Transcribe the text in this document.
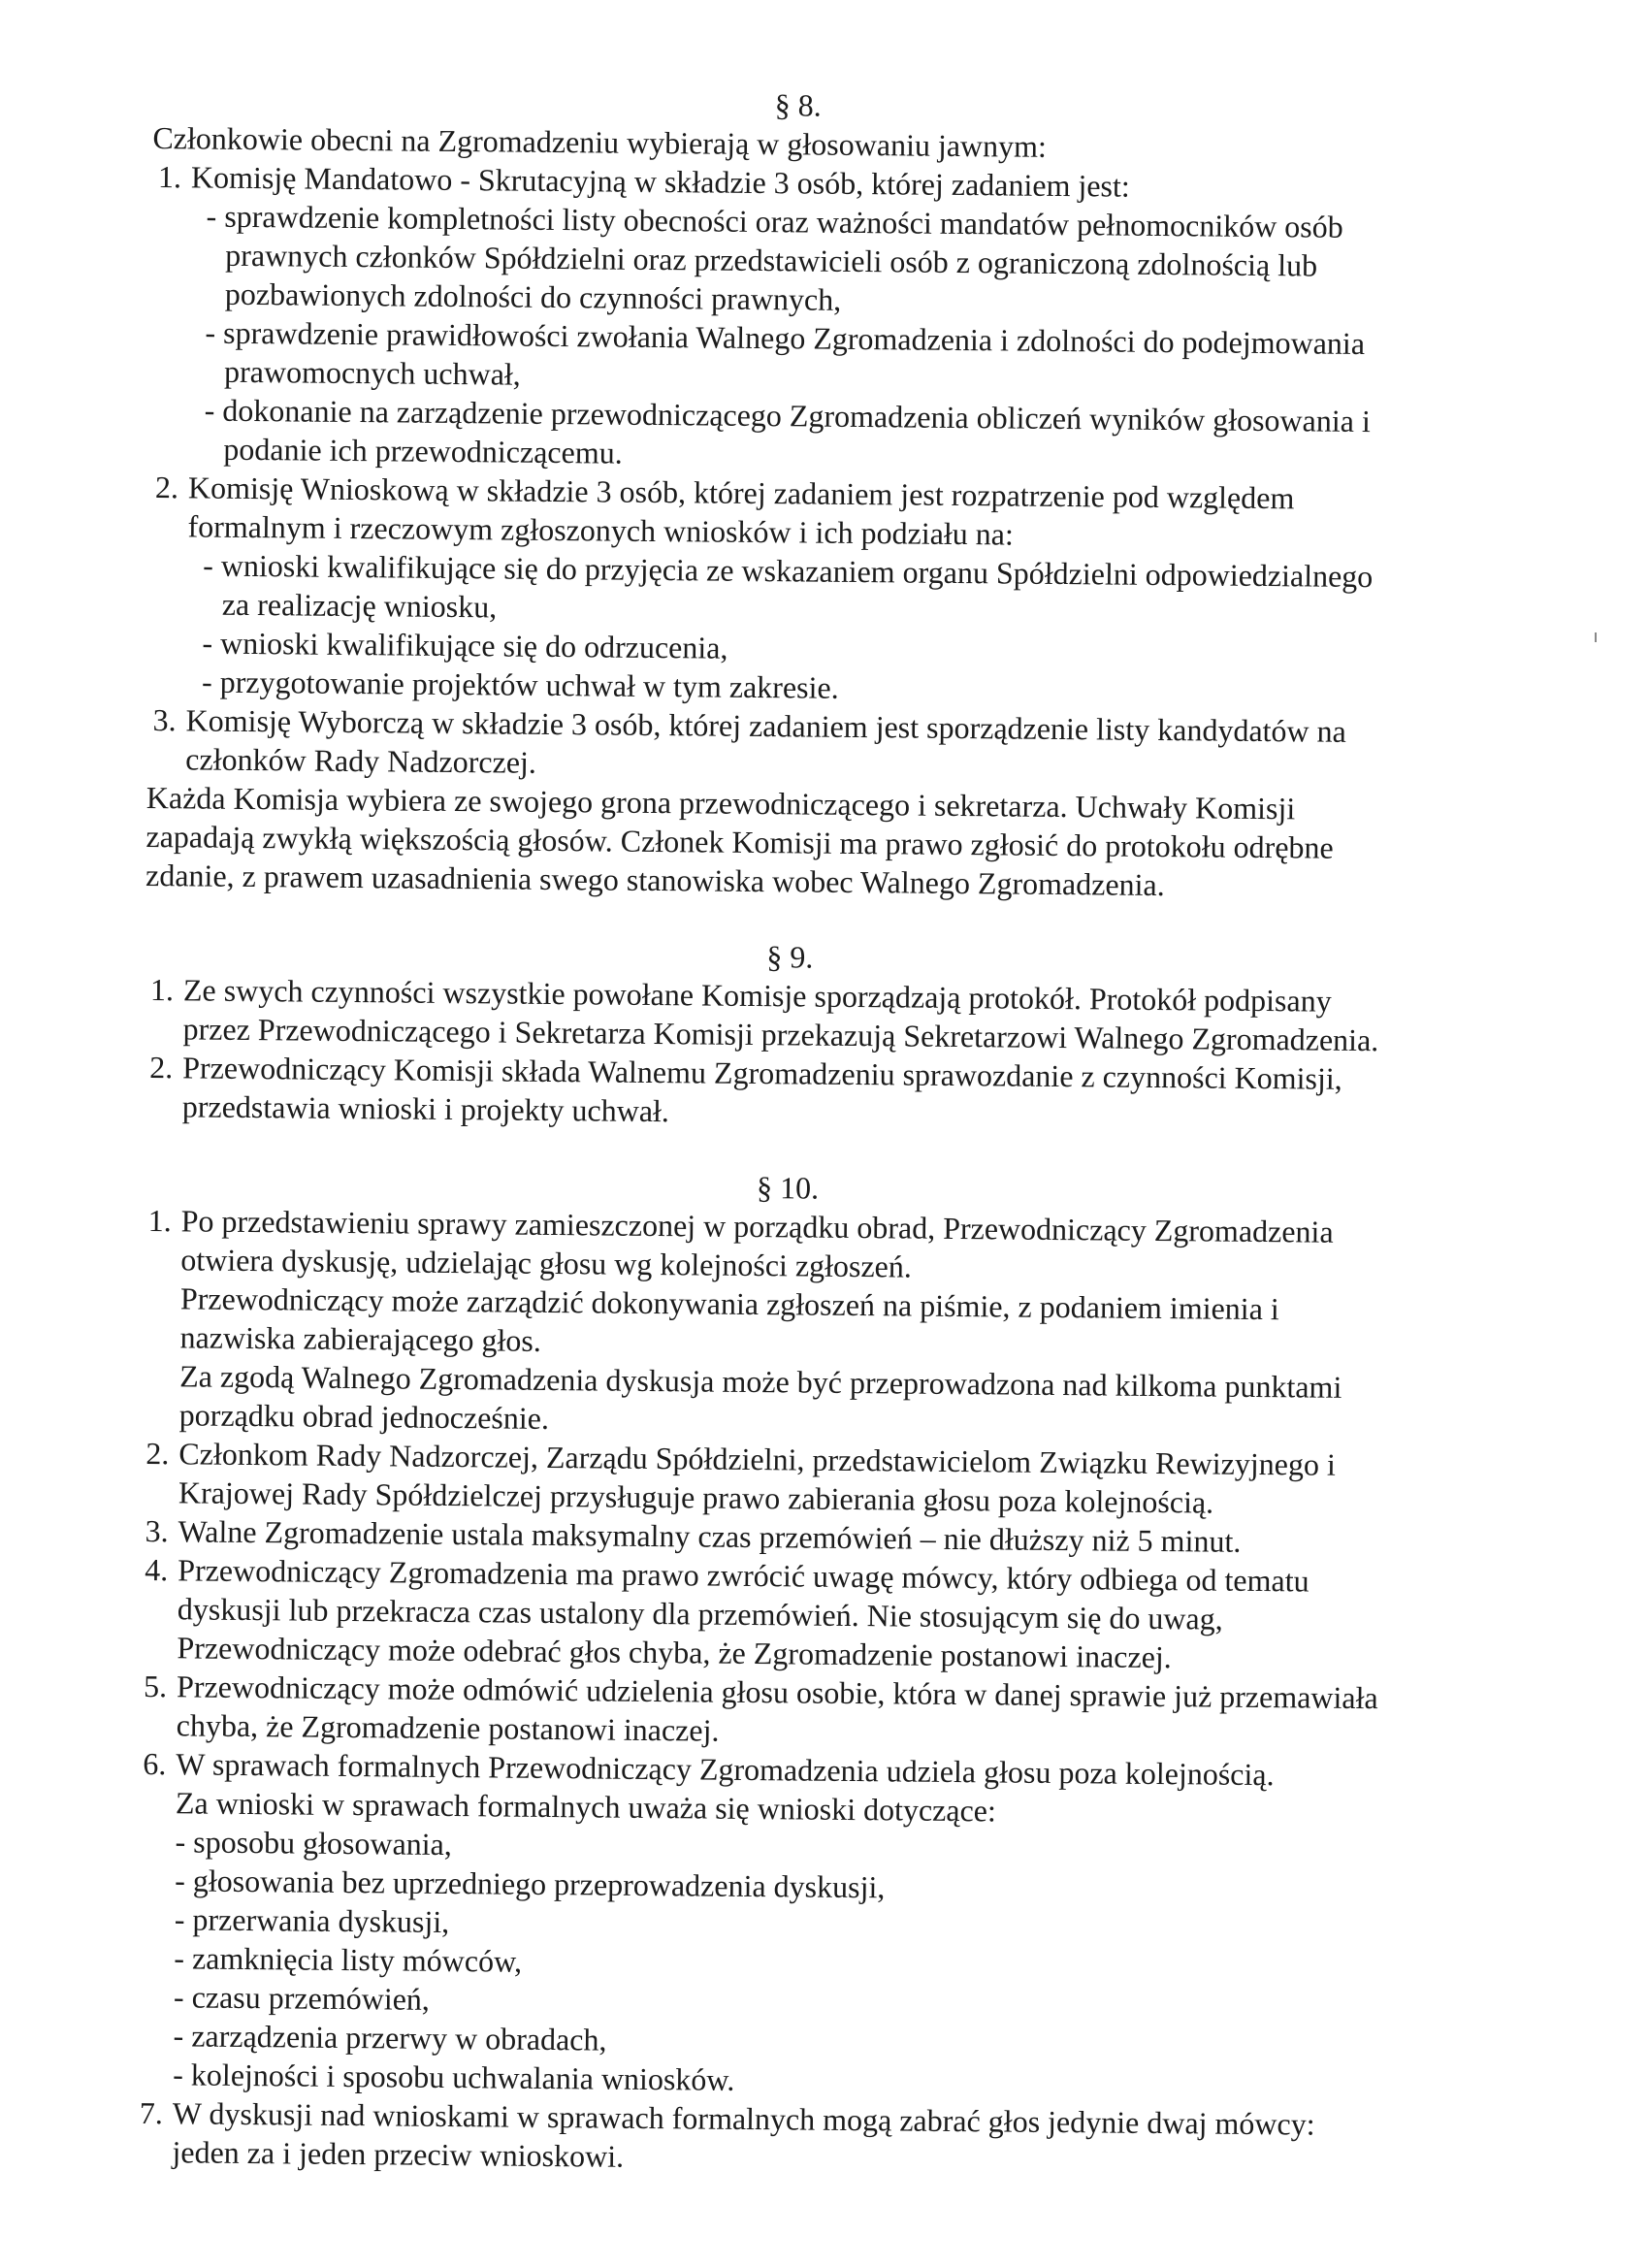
§ 8.

Członkowie obecni na Zgromadzeniu wybierają w głosowaniu jawnym:

1. Komisję Mandatowo - Skrutacyjną w składzie 3 osób, której zadaniem jest:

- sprawdzenie kompletności listy obecności oraz ważności mandatów pełnomocników osób prawnych członków Spółdzielni oraz przedstawicieli osób z ograniczoną zdolnością lub pozbawionych zdolności do czynności prawnych,

- sprawdzenie prawidłowości zwołania Walnego Zgromadzenia i zdolności do podejmowania prawomocnych uchwał,

- dokonanie na zarządzenie przewodniczącego Zgromadzenia obliczeń wyników głosowania i podanie ich przewodniczącemu.

2. Komisję Wnioskową w składzie 3 osób, której zadaniem jest rozpatrzenie pod względem formalnym i rzeczowym zgłoszonych wniosków i ich podziału na:

- wnioski kwalifikujące się do przyjęcia ze wskazaniem organu Spółdzielni odpowiedzialnego za realizację wniosku,

- wnioski kwalifikujące się do odrzucenia,

- przygotowanie projektów uchwał w tym zakresie.

3. Komisję Wyborczą w składzie 3 osób, której zadaniem jest sporządzenie listy kandydatów na członków Rady Nadzorczej.

Każda Komisja wybiera ze swojego grona przewodniczącego i sekretarza. Uchwały Komisji zapadają zwykłą większością głosów. Członek Komisji ma prawo zgłosić do protokołu odrębne zdanie, z prawem uzasadnienia swego stanowiska wobec Walnego Zgromadzenia.

§ 9.
1. Ze swych czynności wszystkie powołane Komisje sporządzają protokół. Protokół podpisany przez Przewodniczącego i Sekretarza Komisji przekazują Sekretarzowi Walnego Zgromadzenia.

2. Przewodniczący Komisji składa Walnemu Zgromadzeniu sprawozdanie z czynności Komisji, przedstawia wnioski i projekty uchwał.

§ 10.
1. Po przedstawieniu sprawy zamieszczonej w porządku obrad, Przewodniczący Zgromadzenia otwiera dyskusję, udzielając głosu wg kolejności zgłoszeń.

Przewodniczący może zarządzić dokonywania zgłoszeń na piśmie, z podaniem imienia i nazwiska zabierającego głos.

Za zgodą Walnego Zgromadzenia dyskusja może być przeprowadzona nad kilkoma punktami porządku obrad jednocześnie.

2. Członkom Rady Nadzorczej, Zarządu Spółdzielni, przedstawicielom Związku Rewizyjnego i Krajowej Rady Spółdzielczej przysługuje prawo zabierania głosu poza kolejnością.

3. Walne Zgromadzenie ustala maksymalny czas przemówień – nie dłuższy niż 5 minut.

4. Przewodniczący Zgromadzenia ma prawo zwrócić uwagę mówcy, który odbiega od tematu dyskusji lub przekracza czas ustalony dla przemówień. Nie stosującym się do uwag, Przewodniczący może odebrać głos chyba, że Zgromadzenie postanowi inaczej.

5. Przewodniczący może odmówić udzielenia głosu osobie, która w danej sprawie już przemawiała chyba, że Zgromadzenie postanowi inaczej.

6. W sprawach formalnych Przewodniczący Zgromadzenia udziela głosu poza kolejnością.

Za wnioski w sprawach formalnych uważa się wnioski dotyczące:

- sposobu głosowania,

- głosowania bez uprzedniego przeprowadzenia dyskusji,

- przerwania dyskusji,

- zamknięcia listy mówców,

- czasu przemówień,

- zarządzenia przerwy w obradach,

- kolejności i sposobu uchwalania wniosków.

7. W dyskusji nad wnioskami w sprawach formalnych mogą zabrać głos jedynie dwaj mówcy: jeden za i jeden przeciw wnioskowi.
